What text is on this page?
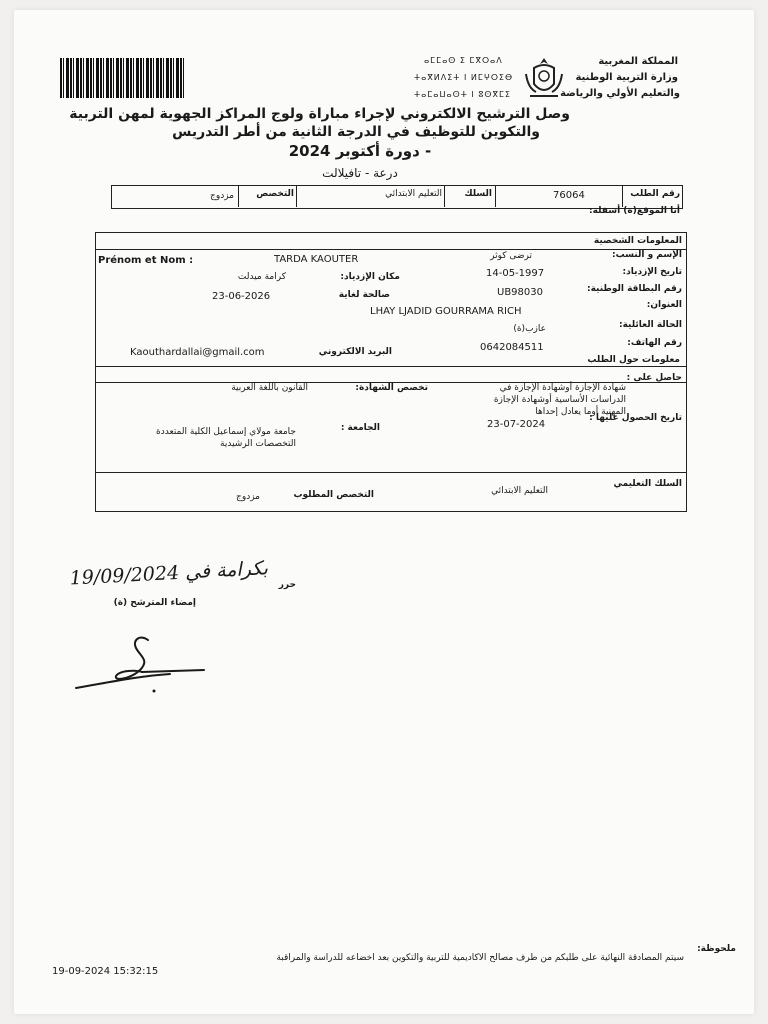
ⴰⵎⵎⴰⵙ ⵉ ⵎⴳⵔⴰⴷ
ⵜⴰⴳⵍⴷⵉⵜ ⵏ ⵍⵎⵖⵔⵉⴱ
ⵜⴰⵎⴰⵡⴰⵙⵜ ⵏ ⵓⵙⴳⵎⵉ
المملكة المغربية
وزارة التربية الوطنية
والتعليم الأولي والرياضة
وصل الترشيح الالكتروني لإجراء مباراة ولوج المراكز الجهوية لمهن التربية
والتكوين للتوظيف في الدرجة الثانية من أطر التدريس
- دورة أكتوبر 2024
درعة - تافيلالت
رقم الطلب
76064
السلك
التعليم الابتدائي
التخصص
مزدوج
أنا الموقع(ة) أسفله:
المعلومات الشخصية
Prénom et Nom :	TARDA KAOUTER	ترضى كوثر	الإسم و النسب:
تاريخ الإزدياد:
14-05-1997
مكان الإزدياد:
كرامة ميدلت
رقم البطاقة الوطنية:
UB98030
صالحة لغاية
23-06-2026
العنوان:
LHAY LJADID GOURRAMA RICH
الحالة العائلية:
عازب(ة)
رقم الهاتف:
0642084511
البريد الالكتروني
Kaouthardallai@gmail.com
معلومات حول الطلب
حاصل على :
شهادة الإجازة أوشهادة الإجازة في الدراسات الأساسية أوشهادة الإجازة المهنية أوما يعادل إحداها
تخصص الشهادة:
القانون باللغة العربية
تاريخ الحصول عليها :
23-07-2024
الجامعة :
جامعة مولاي إسماعيل الكلية المتعددة التخصصات الرشيدية
السلك التعليمي
التعليم الابتدائي
التخصص المطلوب
مزدوج
حرر
بكرامة في 19/09/2024
إمضاء المترشح (ة)
ملحوظة:
سيتم المصادقة النهائية على طلبكم من طرف مصالح الاكاديمية للتربية والتكوين بعد اخضاعه للدراسة والمراقبة
19-09-2024 15:32:15
